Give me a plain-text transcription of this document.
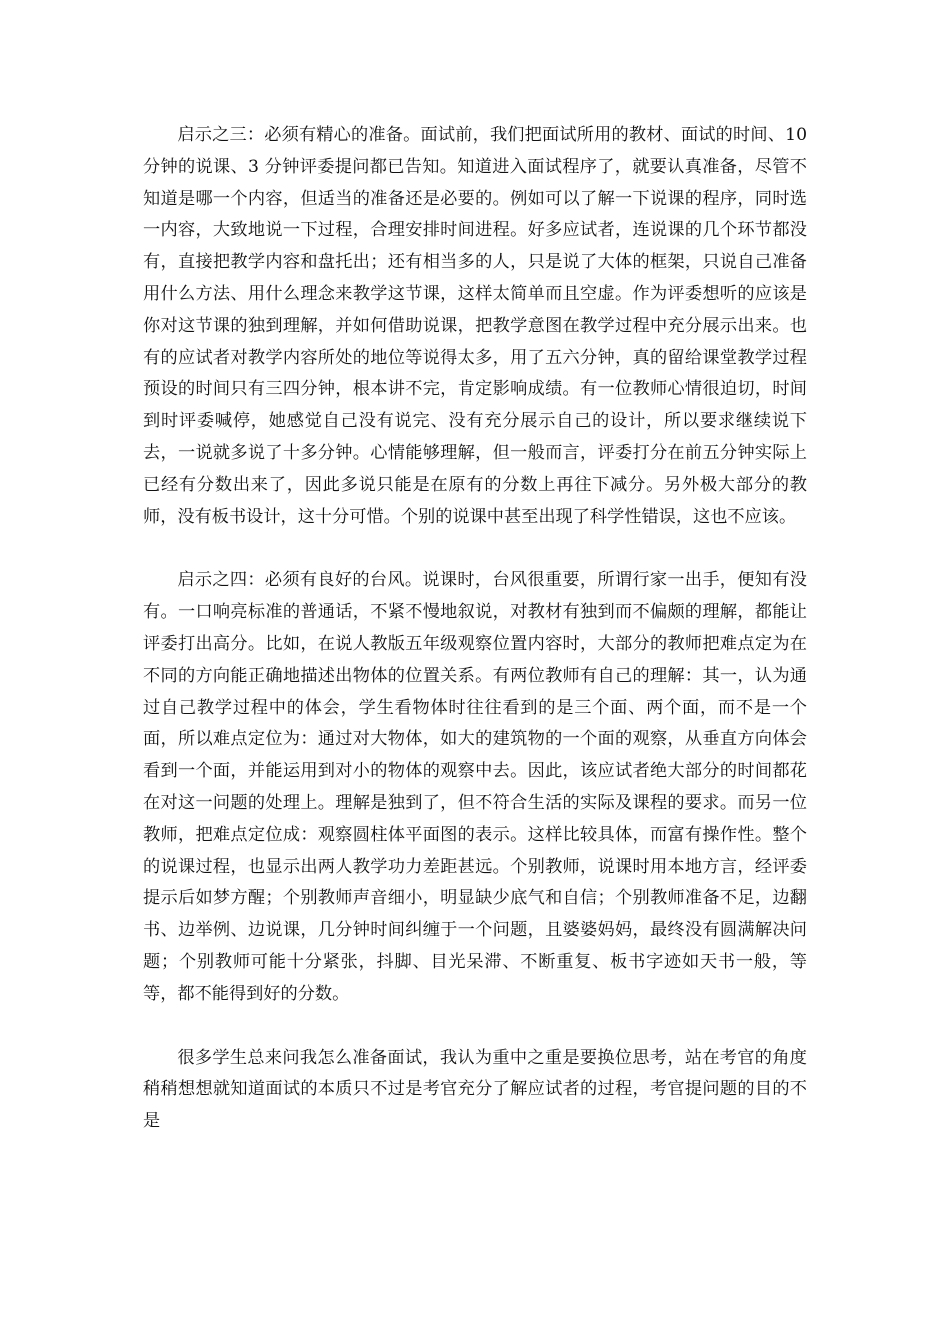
启示之三：必须有精心的准备。面试前，我们把面试所用的教材、面试的时间、10 分钟的说课、3 分钟评委提问都已告知。知道进入面试程序了，就要认真准备，尽管不知道是哪一个内容，但适当的准备还是必要的。例如可以了解一下说课的程序，同时选一内容，大致地说一下过程，合理安排时间进程。好多应试者，连说课的几个环节都没有，直接把教学内容和盘托出；还有相当多的人，只是说了大体的框架，只说自己准备用什么方法、用什么理念来教学这节课，这样太简单而且空虚。作为评委想听的应该是你对这节课的独到理解，并如何借助说课，把教学意图在教学过程中充分展示出来。也有的应试者对教学内容所处的地位等说得太多，用了五六分钟，真的留给课堂教学过程预设的时间只有三四分钟，根本讲不完，肯定影响成绩。有一位教师心情很迫切，时间到时评委喊停，她感觉自己没有说完、没有充分展示自己的设计，所以要求继续说下去，一说就多说了十多分钟。心情能够理解，但一般而言，评委打分在前五分钟实际上已经有分数出来了，因此多说只能是在原有的分数上再往下减分。另外极大部分的教师，没有板书设计，这十分可惜。个别的说课中甚至出现了科学性错误，这也不应该。

启示之四：必须有良好的台风。说课时，台风很重要，所谓行家一出手，便知有没有。一口响亮标准的普通话，不紧不慢地叙说，对教材有独到而不偏颇的理解，都能让评委打出高分。比如，在说人教版五年级观察位置内容时，大部分的教师把难点定为在不同的方向能正确地描述出物体的位置关系。有两位教师有自己的理解：其一，认为通过自己教学过程中的体会，学生看物体时往往看到的是三个面、两个面，而不是一个面，所以难点定位为：通过对大物体，如大的建筑物的一个面的观察，从垂直方向体会看到一个面，并能运用到对小的物体的观察中去。因此，该应试者绝大部分的时间都花在对这一问题的处理上。理解是独到了，但不符合生活的实际及课程的要求。而另一位教师，把难点定位成：观察圆柱体平面图的表示。这样比较具体，而富有操作性。整个的说课过程，也显示出两人教学功力差距甚远。个别教师，说课时用本地方言，经评委提示后如梦方醒；个别教师声音细小，明显缺少底气和自信；个别教师准备不足，边翻书、边举例、边说课，几分钟时间纠缠于一个问题，且婆婆妈妈，最终没有圆满解决问题；个别教师可能十分紧张，抖脚、目光呆滞、不断重复、板书字迹如天书一般，等等，都不能得到好的分数。

很多学生总来问我怎么准备面试，我认为重中之重是要换位思考，站在考官的角度稍稍想想就知道面试的本质只不过是考官充分了解应试者的过程，考官提问题的目的不是
